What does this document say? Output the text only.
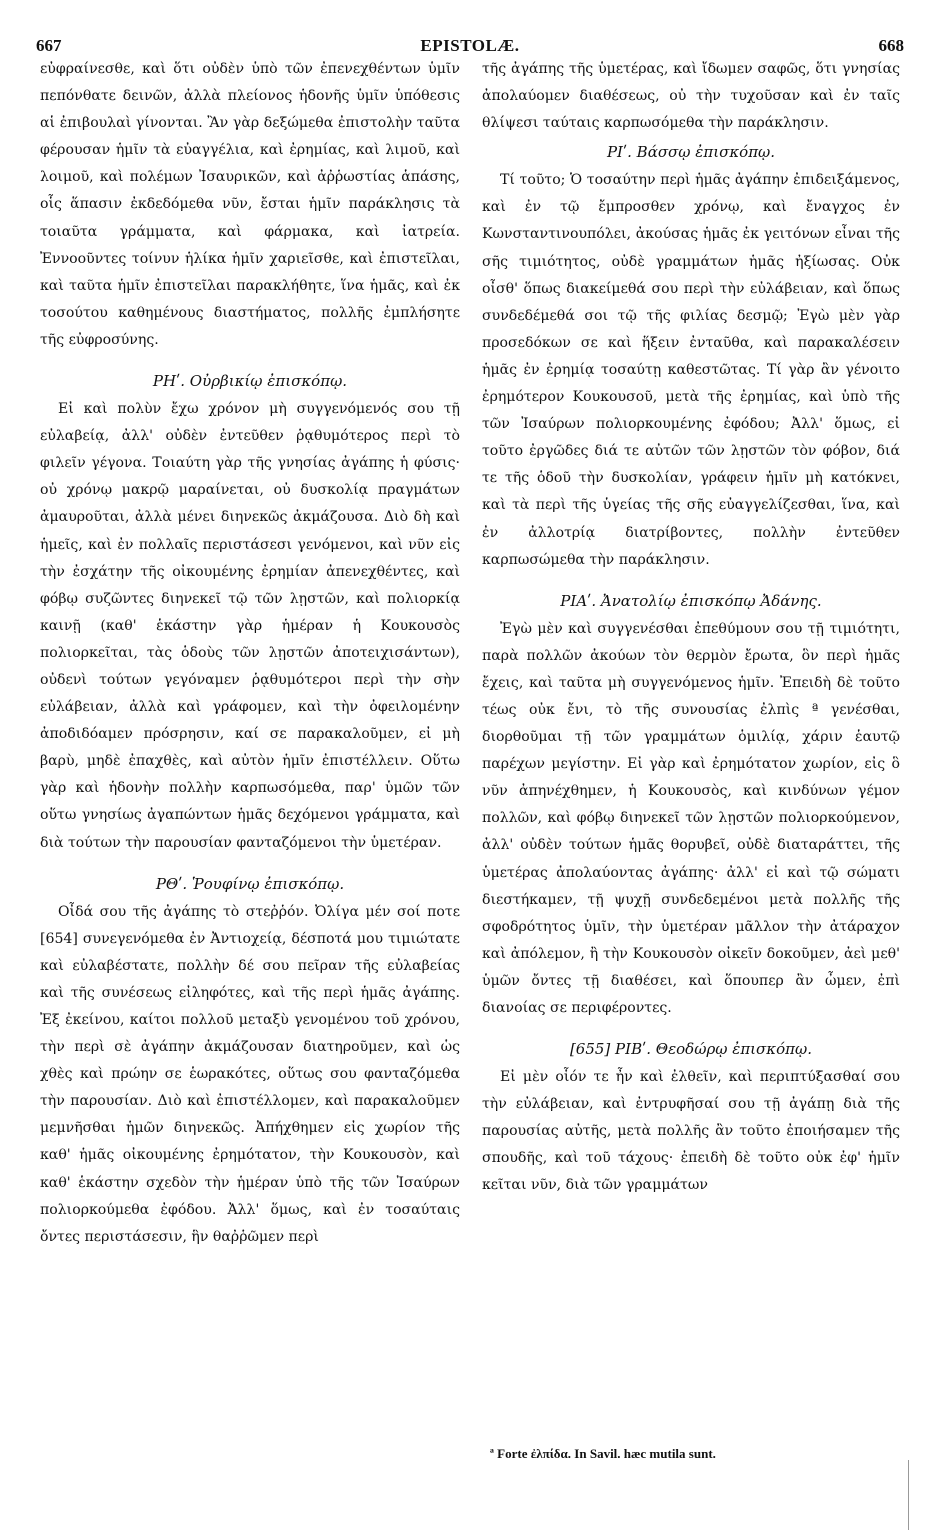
667	EPISTOLÆ.	668

εὐφραίνεσθε, καὶ ὅτι οὐδὲν ὑπὸ τῶν ἐπενεχθέντων ὑμῖν πεπόνθατε δεινῶν, ἀλλὰ πλείονος ἡδονῆς ὑμῖν ὑπόθεσις αἱ ἐπιβουλαὶ γίνονται. Ἂν γὰρ δεξώμεθα ἐπιστολὴν ταῦτα φέρουσαν ἡμῖν τὰ εὐαγγέλια, καὶ ἐρημίας, καὶ λιμοῦ, καὶ λοιμοῦ, καὶ πολέμων Ἰσαυρικῶν, καὶ ἀῤῥωστίας ἁπάσης, οἷς ἅπασιν ἐκδεδόμεθα νῦν, ἔσται ἡμῖν παράκλησις τὰ τοιαῦτα γράμματα, καὶ φάρμακα, καὶ ἰατρεία. Ἐννοοῦντες τοίνυν ἡλίκα ἡμῖν χαριεῖσθε, καὶ ἐπιστεῖλαι, καὶ ταῦτα ἡμῖν ἐπιστεῖλαι παρακλήθητε, ἵνα ἡμᾶς, καὶ ἐκ τοσούτου καθημένους διαστήματος, πολλῆς ἐμπλήσητε τῆς εὐφροσύνης.

ΡΗʹ. Οὐρβικίῳ ἐπισκόπῳ.

Εἰ καὶ πολὺν ἔχω χρόνον μὴ συγγενόμενός σου τῇ εὐλαβείᾳ, ἀλλ' οὐδὲν ἐντεῦθεν ῥᾳθυμότερος περὶ τὸ φιλεῖν γέγονα. Τοιαύτη γὰρ τῆς γνησίας ἀγάπης ἡ φύσις· οὐ χρόνῳ μακρῷ μαραίνεται, οὐ δυσκολίᾳ πραγμάτων ἀμαυροῦται, ἀλλὰ μένει διηνεκῶς ἀκμάζουσα. Διὸ δὴ καὶ ἡμεῖς, καὶ ἐν πολλαῖς περιστάσεσι γενόμενοι, καὶ νῦν εἰς τὴν ἐσχάτην τῆς οἰκουμένης ἐρημίαν ἀπενεχθέντες, καὶ φόβῳ συζῶντες διηνεκεῖ τῷ τῶν λῃστῶν, καὶ πολιορκίᾳ καινῇ (καθ' ἑκάστην γὰρ ἡμέραν ἡ Κουκουσὸς πολιορκεῖται, τὰς ὁδοὺς τῶν λῃστῶν ἀποτειχισάντων), οὐδενὶ τούτων γεγόναμεν ῥᾳθυμότεροι περὶ τὴν σὴν εὐλάβειαν, ἀλλὰ καὶ γράφομεν, καὶ τὴν ὀφειλομένην ἀποδιδόαμεν πρόσρησιν, καί σε παρακαλοῦμεν, εἰ μὴ βαρὺ, μηδὲ ἐπαχθὲς, καὶ αὐτὸν ἡμῖν ἐπιστέλλειν. Οὕτω γὰρ καὶ ἡδονὴν πολλὴν καρπωσόμεθα, παρ' ὑμῶν τῶν οὕτω γνησίως ἀγαπώντων ἡμᾶς δεχόμενοι γράμματα, καὶ διὰ τούτων τὴν παρουσίαν φανταζόμενοι τὴν ὑμετέραν.

ΡΘʹ. Ῥουφίνῳ ἐπισκόπῳ.

Οἶδά σου τῆς ἀγάπης τὸ στεῤῥόν. Ὀλίγα μέν σοί ποτε [654] συνεγενόμεθα ἐν Ἀντιοχείᾳ, δέσποτά μου τιμιώτατε καὶ εὐλαβέστατε, πολλὴν δέ σου πεῖραν τῆς εὐλαβείας καὶ τῆς συνέσεως εἰληφότες, καὶ τῆς περὶ ἡμᾶς ἀγάπης. Ἐξ ἐκείνου, καίτοι πολλοῦ μεταξὺ γενομένου τοῦ χρόνου, τὴν περὶ σὲ ἀγάπην ἀκμάζουσαν διατηροῦμεν, καὶ ὡς χθὲς καὶ πρώην σε ἑωρακότες, οὕτως σου φανταζόμεθα τὴν παρουσίαν. Διὸ καὶ ἐπιστέλλομεν, καὶ παρακαλοῦμεν μεμνῆσθαι ἡμῶν διηνεκῶς. Ἀπήχθημεν εἰς χωρίον τῆς καθ' ἡμᾶς οἰκουμένης ἐρημότατον, τὴν Κουκουσὸν, καὶ καθ' ἑκάστην σχεδὸν τὴν ἡμέραν ὑπὸ τῆς τῶν Ἰσαύρων πολιορκούμεθα ἐφόδου. Ἀλλ' ὅμως, καὶ ἐν τοσαύταις ὄντες περιστάσεσιν, ἣν θαῤῥῶμεν περὶ

τῆς ἀγάπης τῆς ὑμετέρας, καὶ ἴδωμεν σαφῶς, ὅτι γνησίας ἀπολαύομεν διαθέσεως, οὐ τὴν τυχοῦσαν καὶ ἐν ταῖς θλίψεσι ταύταις καρπωσόμεθα τὴν παράκλησιν.

ΡΙʹ. Βάσσῳ ἐπισκόπῳ.

Τί τοῦτο; Ὁ τοσαύτην περὶ ἡμᾶς ἀγάπην ἐπιδειξάμενος, καὶ ἐν τῷ ἔμπροσθεν χρόνῳ, καὶ ἔναγχος ἐν Κωνσταντινουπόλει, ἀκούσας ἡμᾶς ἐκ γειτόνων εἶναι τῆς σῆς τιμιότητος, οὐδὲ γραμμάτων ἡμᾶς ἠξίωσας. Οὐκ οἶσθ' ὅπως διακείμεθά σου περὶ τὴν εὐλάβειαν, καὶ ὅπως συνδεδέμεθά σοι τῷ τῆς φιλίας δεσμῷ; Ἐγὼ μὲν γὰρ προσεδόκων σε καὶ ἥξειν ἐνταῦθα, καὶ παρακαλέσειν ἡμᾶς ἐν ἐρημίᾳ τοσαύτῃ καθεστῶτας. Τί γὰρ ἂν γένοιτο ἐρημότερον Κουκουσοῦ, μετὰ τῆς ἐρημίας, καὶ ὑπὸ τῆς τῶν Ἰσαύρων πολιορκουμένης ἐφόδου; Ἀλλ' ὅμως, εἰ τοῦτο ἐργῶδες διά τε αὐτῶν τῶν λῃστῶν τὸν φόβον, διά τε τῆς ὁδοῦ τὴν δυσκολίαν, γράφειν ἡμῖν μὴ κατόκνει, καὶ τὰ περὶ τῆς ὑγείας τῆς σῆς εὐαγγελίζεσθαι, ἵνα, καὶ ἐν ἀλλοτρίᾳ διατρίβοντες, πολλὴν ἐντεῦθεν καρπωσώμεθα τὴν παράκλησιν.

ΡΙΑʹ. Ἀνατολίῳ ἐπισκόπῳ Ἀδάνης.

Ἐγὼ μὲν καὶ συγγενέσθαι ἐπεθύμουν σου τῇ τιμιότητι, παρὰ πολλῶν ἀκούων τὸν θερμὸν ἔρωτα, ὃν περὶ ἡμᾶς ἔχεις, καὶ ταῦτα μὴ συγγενόμενος ἡμῖν. Ἐπειδὴ δὲ τοῦτο τέως οὐκ ἔνι, τὸ τῆς συνουσίας ἐλπὶς ª γενέσθαι, διορθοῦμαι τῇ τῶν γραμμάτων ὁμιλίᾳ, χάριν ἑαυτῷ παρέχων μεγίστην. Εἰ γὰρ καὶ ἐρημότατον χωρίον, εἰς ὃ νῦν ἀπηνέχθημεν, ἡ Κουκουσὸς, καὶ κινδύνων γέμον πολλῶν, καὶ φόβῳ διηνεκεῖ τῶν λῃστῶν πολιορκούμενον, ἀλλ' οὐδὲν τούτων ἡμᾶς θορυβεῖ, οὐδὲ διαταράττει, τῆς ὑμετέρας ἀπολαύοντας ἀγάπης· ἀλλ' εἰ καὶ τῷ σώματι διεστήκαμεν, τῇ ψυχῇ συνδεδεμένοι μετὰ πολλῆς τῆς σφοδρότητος ὑμῖν, τὴν ὑμετέραν μᾶλλον τὴν ἀτάραχον καὶ ἀπόλεμον, ἢ τὴν Κουκουσὸν οἰκεῖν δοκοῦμεν, ἀεὶ μεθ' ὑμῶν ὄντες τῇ διαθέσει, καὶ ὅπουπερ ἂν ὦμεν, ἐπὶ διανοίας σε περιφέροντες.

[655] ΡΙΒʹ. Θεοδώρῳ ἐπισκόπῳ.

Εἰ μὲν οἷόν τε ἦν καὶ ἐλθεῖν, καὶ περιπτύξασθαί σου τὴν εὐλάβειαν, καὶ ἐντρυφῆσαί σου τῇ ἀγάπῃ διὰ τῆς παρουσίας αὐτῆς, μετὰ πολλῆς ἂν τοῦτο ἐποιήσαμεν τῆς σπουδῆς, καὶ τοῦ τάχους· ἐπειδὴ δὲ τοῦτο οὐκ ἐφ' ἡμῖν κεῖται νῦν, διὰ τῶν γραμμάτων

ª Forte ἐλπίδα. In Savil. hæc mutila sunt.
